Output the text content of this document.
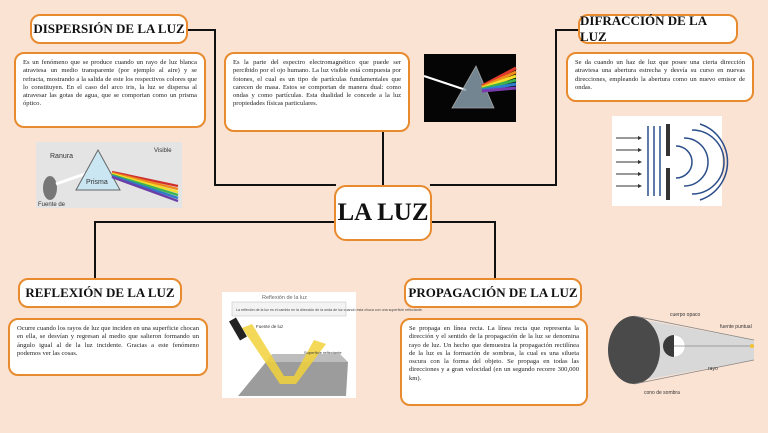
LA LUZ
DISPERSIÓN DE LA LUZ
Es un fenómeno que se produce cuando un rayo de luz blanca atraviesa un medio transparente (por ejemplo al aire) y se refracta, mostrando a la salida de este los respectivos colores que lo constituyen. En el caso del arco iris, la luz se dispersa al atravesar las gotas de agua, que se comportan como un prisma óptico.
Ranura
Prisma
Visible
Fuente de
Es la parte del espectro electromagnético que puede ser percibido por el ojo humano. La luz visible está compuesta por fotones, el cual es un tipo de partículas fundamentales que carecen de masa. Estos se comportan de manera dual: como ondas y como partículas. Esta dualidad le concede a la luz propiedades físicas particulares.
DIFRACCIÓN DE LA LUZ
Se da cuando un haz de luz que posee una cierta dirección atraviesa una abertura estrecha y desvía su curso en nuevas direcciones, empleando la abertura como un nuevo emisor de ondas.
REFLEXIÓN DE LA LUZ
Ocurre cuando los rayos de luz que inciden en una superficie chocan en ella, se desvían y regresan al medio que salieron formando un ángulo igual al de la luz incidente. Gracias a este fenómeno podemos ver las cosas.
Reflexión de la luz
La reflexión de la luz es el cambio en la dirección de la onda de luz cuando esta choca con una superficie reflectante.
Fuente de luz
Superficie reflectante
PROPAGACIÓN DE LA LUZ
Se propaga en línea recta. La línea recta que representa la dirección y el sentido de la propagación de la luz se denomina rayo de luz. Un hecho que demuestra la propagación rectilínea de la luz es la formación de sombras, la cual es una silueta oscura con la forma del objeto. Se propaga en todas las direcciones y a gran velocidad (en un segundo recorre 300,000 km).
cuerpo opaco
fuente puntual
rayo
cono de sombra
